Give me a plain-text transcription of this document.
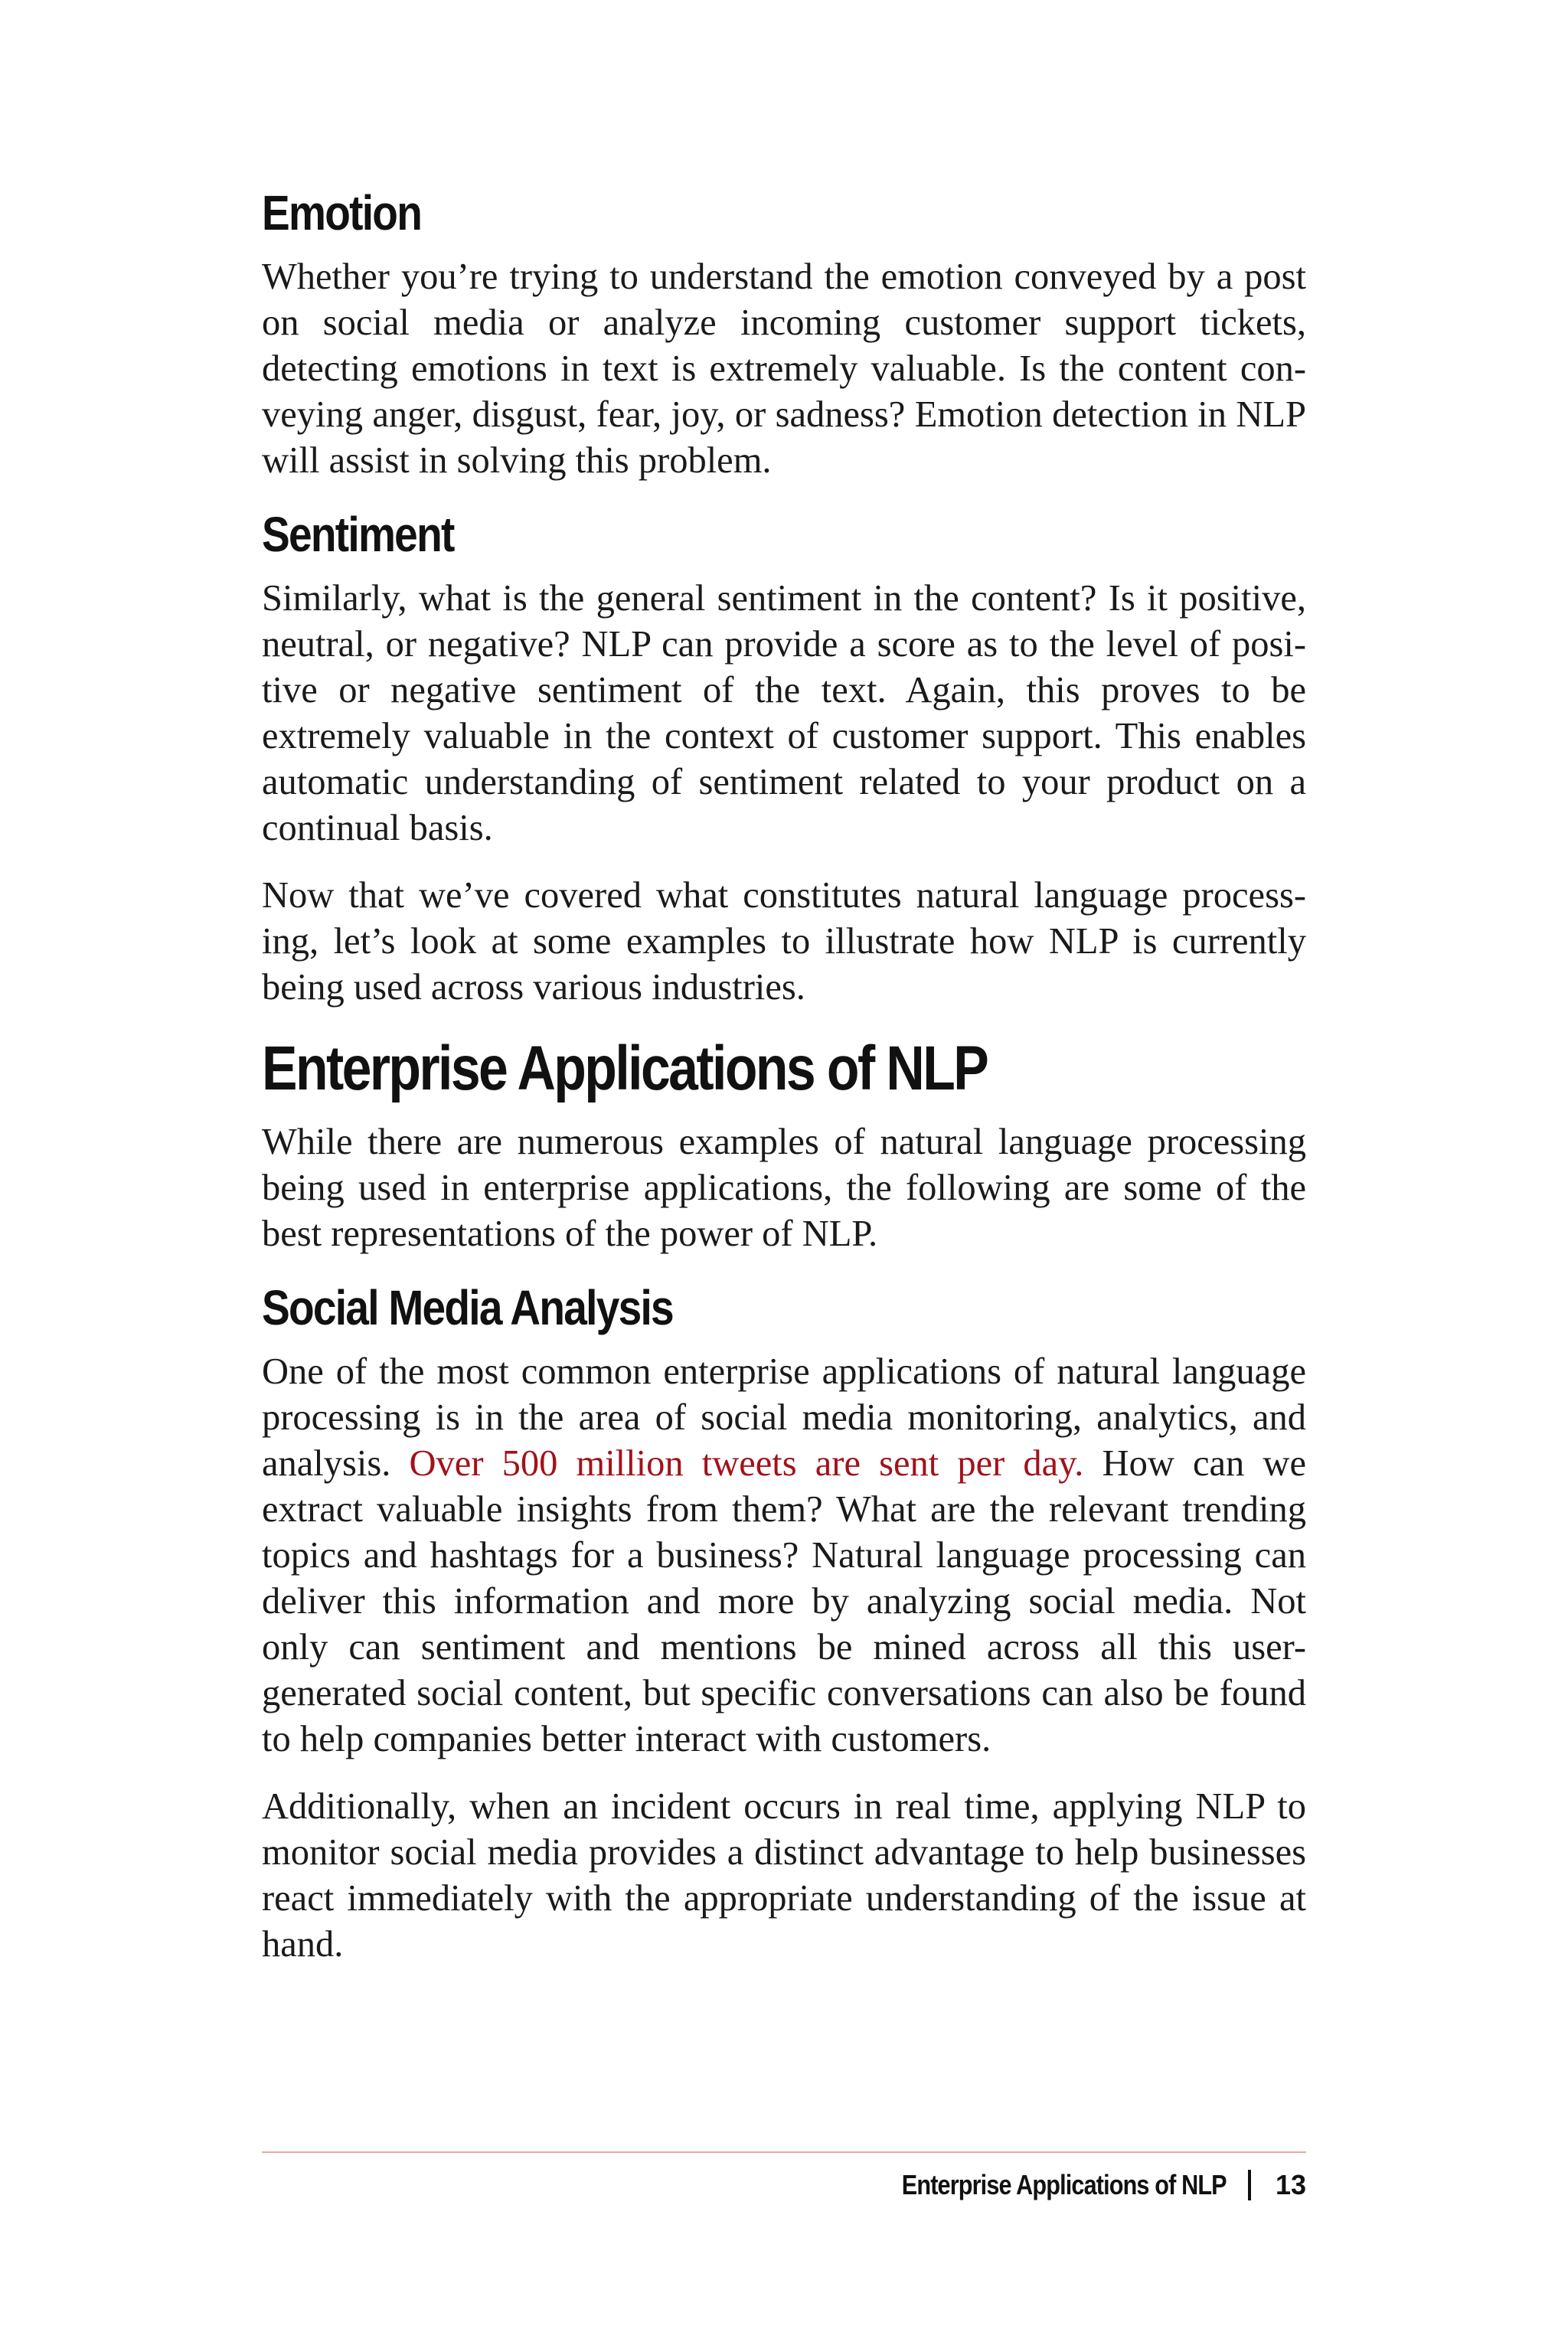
Emotion

Whether you’re trying to understand the emotion conveyed by a post on social media or analyze incoming customer support tickets, detecting emotions in text is extremely valuable. Is the content conveying anger, disgust, fear, joy, or sadness? Emotion detection in NLP will assist in solving this problem.

Sentiment

Similarly, what is the general sentiment in the content? Is it positive, neutral, or negative? NLP can provide a score as to the level of positive or negative sentiment of the text. Again, this proves to be extremely valuable in the context of customer support. This enables automatic understanding of sentiment related to your product on a continual basis.

Now that we’ve covered what constitutes natural language processing, let’s look at some examples to illustrate how NLP is currently being used across various industries.

Enterprise Applications of NLP

While there are numerous examples of natural language processing being used in enterprise applications, the following are some of the best representations of the power of NLP.

Social Media Analysis

One of the most common enterprise applications of natural language processing is in the area of social media monitoring, analytics, and analysis. Over 500 million tweets are sent per day. How can we extract valuable insights from them? What are the relevant trending topics and hashtags for a business? Natural language processing can deliver this information and more by analyzing social media. Not only can sentiment and mentions be mined across all this user-generated social content, but specific conversations can also be found to help companies better interact with customers.

Additionally, when an incident occurs in real time, applying NLP to monitor social media provides a distinct advantage to help businesses react immediately with the appropriate understanding of the issue at hand.

Enterprise Applications of NLP 13
